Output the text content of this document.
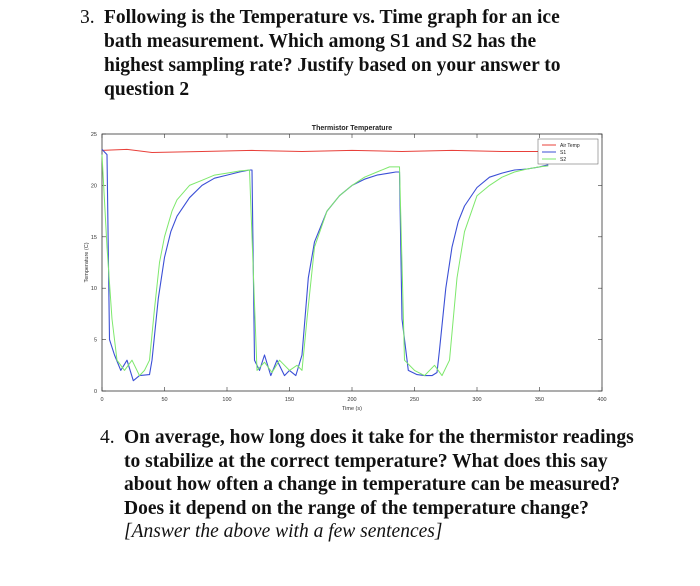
3. Following is the Temperature vs. Time graph for an ice bath measurement. Which among S1 and S2 has the highest sampling rate? Justify based on your answer to question 2
0	50	100	150	200	250	300	350	400
0
5
10
15
20
25
Thermistor Temperature
Time (s)
Temperature (C)
Air Temp
S1
S2
4. On average, how long does it take for the thermistor readings to stabilize at the correct temperature? What does this say about how often a change in temperature can be measured? Does it depend on the range of the temperature change? [Answer the above with a few sentences]
